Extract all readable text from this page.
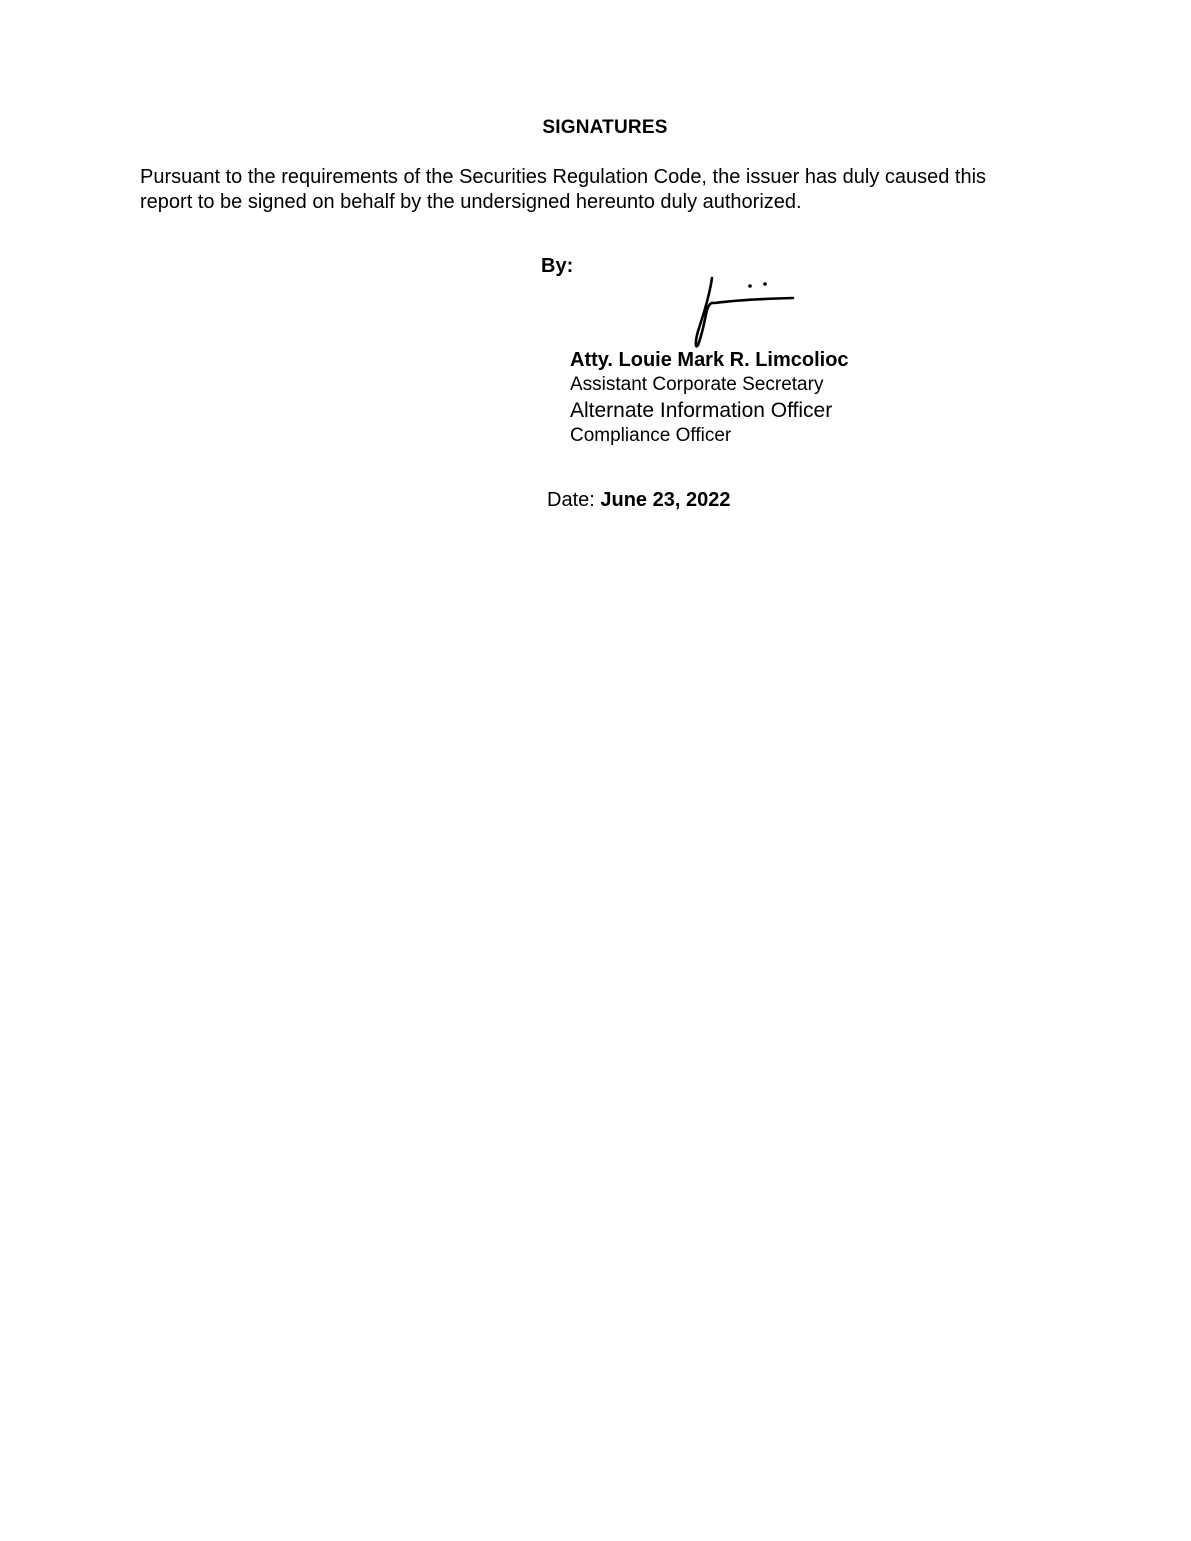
SIGNATURES

Pursuant to the requirements of the Securities Regulation Code, the issuer has duly caused this

report to be signed on behalf by the undersigned hereunto duly authorized.

By:
Atty. Louie Mark R. Limcolioc
Assistant Corporate Secretary
Alternate Information Officer
Compliance Officer
Date: June 23, 2022
